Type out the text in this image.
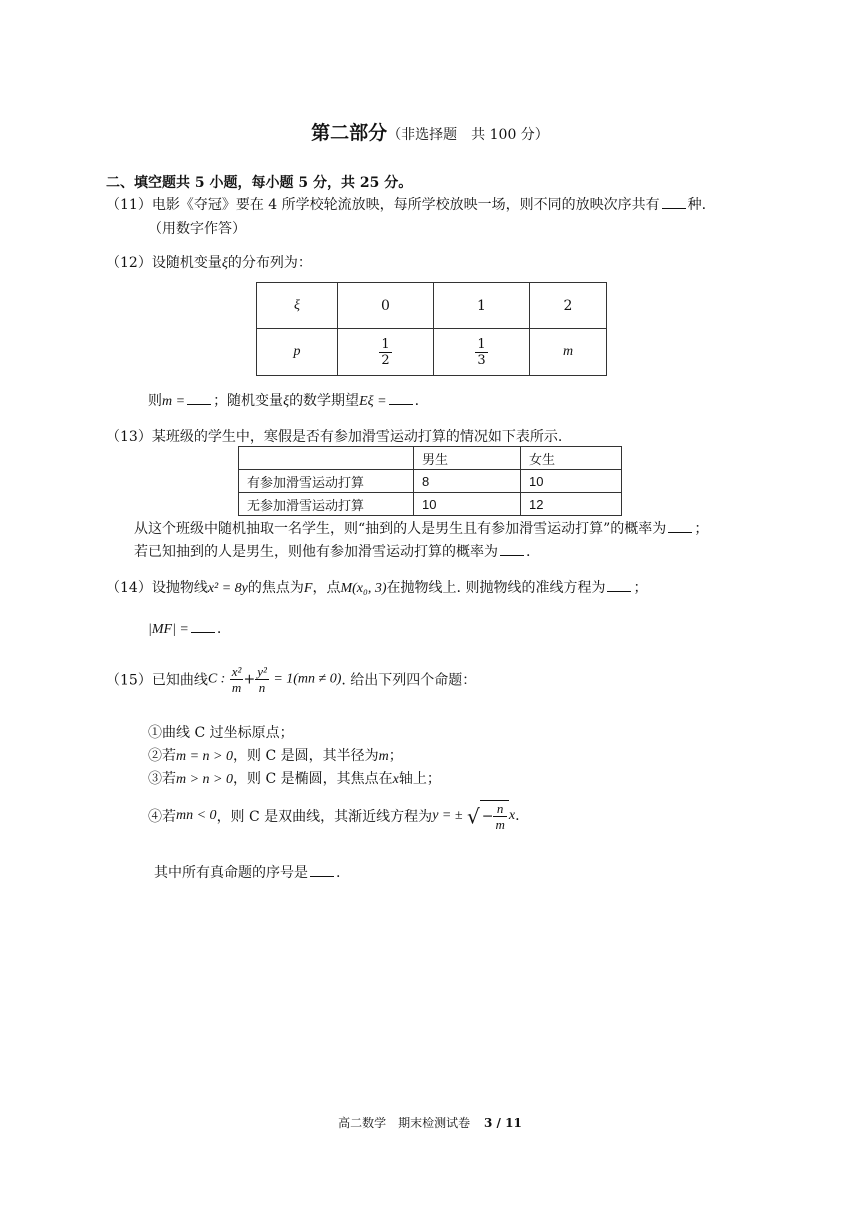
第二部分（非选择题　共 100 分）
二、填空题共 5 小题，每小题 5 分，共 25 分。
（11）电影《夺冠》要在 4 所学校轮流放映，每所学校放映一场，则不同的放映次序共有 种.
（用数字作答）
（12）设随机变量ξ的分布列为：
ξ	0	1	2
p	$\frac{1}{2}$	$\frac{1}{3}$	m
则m = ；随机变量ξ的数学期望Eξ = .
（13）某班级的学生中，寒假是否有参加滑雪运动打算的情况如下表所示.
	男生	女生
有参加滑雪运动打算	8	10
无参加滑雪运动打算	10	12
从这个班级中随机抽取一名学生，则“抽到的人是男生且有参加滑雪运动打算”的概率为 ；
若已知抽到的人是男生，则他有参加滑雪运动打算的概率为 .
（14）设抛物线x² = 8y的焦点为F，点M(x₀, 3)在抛物线上. 则抛物线的准线方程为 ；
|MF| = .
（15）已知曲线C : $\frac{\text{x²}}{m} + \frac{\text{y²}}{n} = 1(mn \ne 0)$. 给出下列四个命题：
①曲线 C 过坐标原点；
②若m = n > 0，则 C 是圆，其半径为m；
③若m > n > 0，则 C 是椭圆，其焦点在x轴上；
④若mn < 0，则 C 是双曲线，其渐近线方程为y = ± √ − $\frac{n}{m} x$.
其中所有真命题的序号是 .
高二数学　期末检测试卷 3 / 11
